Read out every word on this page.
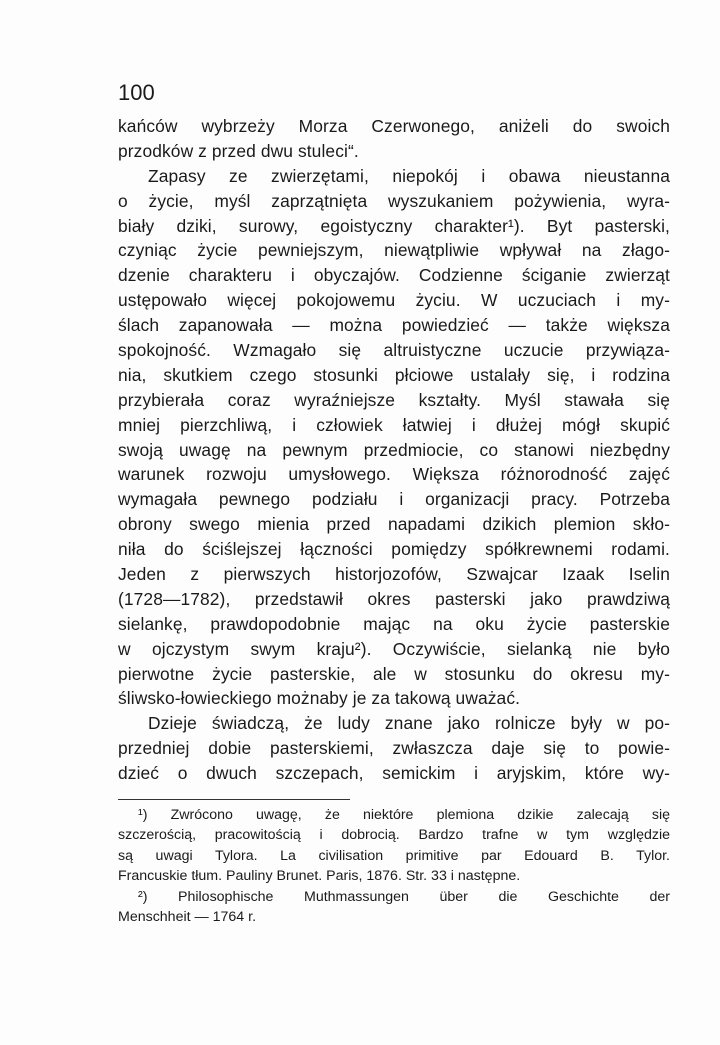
100
kańców wybrzeży Morza Czerwonego, aniżeli do swoich
przodków z przed dwu stuleci“.
Zapasy ze zwierzętami, niepokój i obawa nieustanna
o życie, myśl zaprzątnięta wyszukaniem pożywienia, wyra-
biały dziki, surowy, egoistyczny charakter¹). Byt pasterski,
czyniąc życie pewniejszym, niewątpliwie wpływał na złago-
dzenie charakteru i obyczajów. Codzienne ściganie zwierząt
ustępowało więcej pokojowemu życiu. W uczuciach i my-
ślach zapanowała — można powiedzieć — także większa
spokojność. Wzmagało się altruistyczne uczucie przywiąza-
nia, skutkiem czego stosunki płciowe ustalały się, i rodzina
przybierała coraz wyraźniejsze kształty. Myśl stawała się
mniej pierzchliwą, i człowiek łatwiej i dłużej mógł skupić
swoją uwagę na pewnym przedmiocie, co stanowi niezbędny
warunek rozwoju umysłowego. Większa różnorodność zajęć
wymagała pewnego podziału i organizacji pracy. Potrzeba
obrony swego mienia przed napadami dzikich plemion skło-
niła do ściślejszej łączności pomiędzy spółkrewnemi rodami.
Jeden z pierwszych historjozofów, Szwajcar Izaak Iselin
(1728—1782), przedstawił okres pasterski jako prawdziwą
sielankę, prawdopodobnie mając na oku życie pasterskie
w ojczystym swym kraju²). Oczywiście, sielanką nie było
pierwotne życie pasterskie, ale w stosunku do okresu my-
śliwsko-łowieckiego możnaby je za takową uważać.
Dzieje świadczą, że ludy znane jako rolnicze były w po-
przedniej dobie pasterskiemi, zwłaszcza daje się to powie-
dzieć o dwuch szczepach, semickim i aryjskim, które wy-
¹) Zwrócono uwagę, że niektóre plemiona dzikie zalecają się
szczerością, pracowitością i dobrocią. Bardzo trafne w tym względzie
są uwagi Tylora. La civilisation primitive par Edouard B. Tylor.
Francuskie tłum. Pauliny Brunet. Paris, 1876. Str. 33 i następne.
²) Philosophische Muthmassungen über die Geschichte der
Menschheit — 1764 r.
